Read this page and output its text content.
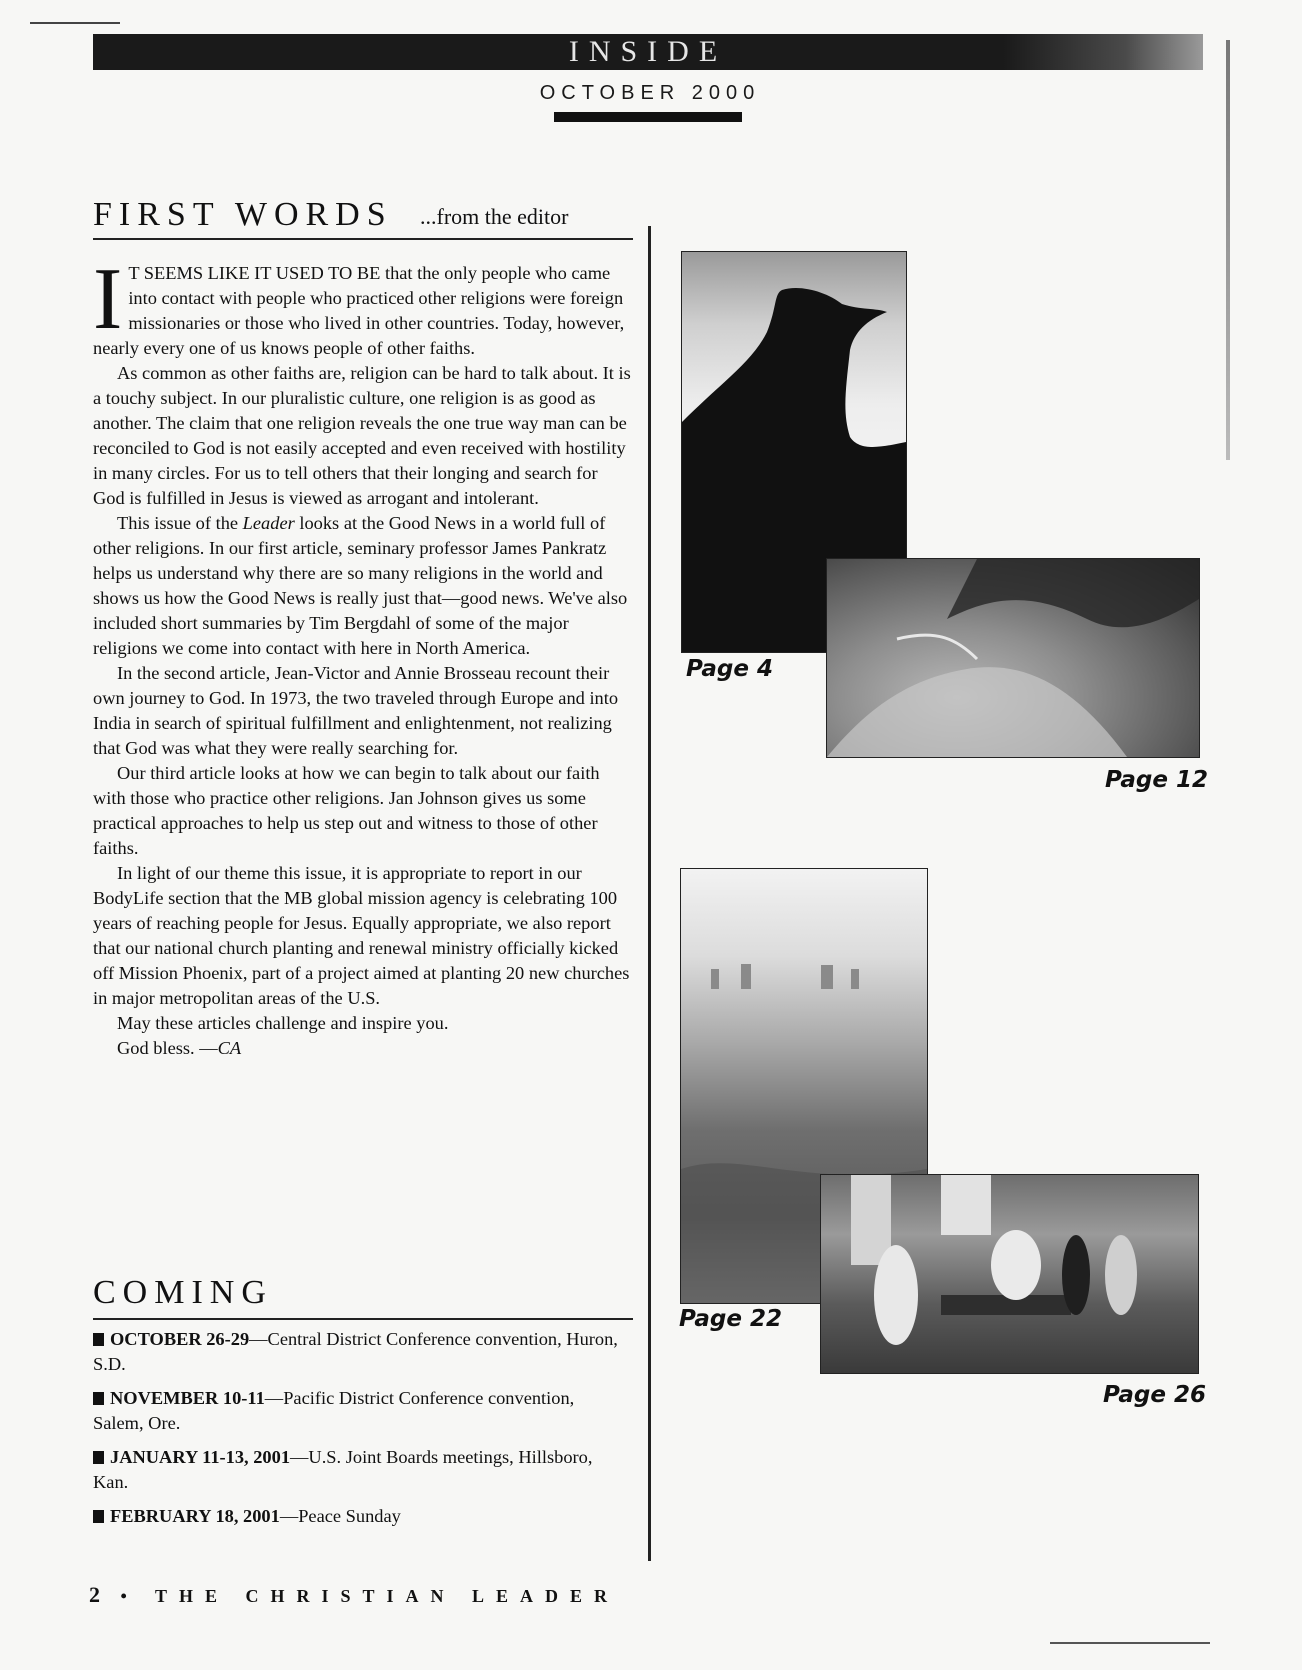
INSIDE
OCTOBER 2000
FIRST WORDS ...from the editor

IT SEEMS LIKE IT USED TO BE that the only people who came into contact with people who practiced other religions were foreign missionaries or those who lived in other countries. Today, however, nearly every one of us knows people of other faiths.

As common as other faiths are, religion can be hard to talk about. It is a touchy subject. In our pluralistic culture, one religion is as good as another. The claim that one religion reveals the one true way man can be reconciled to God is not easily accepted and even received with hostility in many circles. For us to tell others that their longing and search for God is fulfilled in Jesus is viewed as arrogant and intolerant.

This issue of the Leader looks at the Good News in a world full of other religions. In our first article, seminary professor James Pankratz helps us understand why there are so many religions in the world and shows us how the Good News is really just that—good news. We've also included short summaries by Tim Bergdahl of some of the major religions we come into contact with here in North America.

In the second article, Jean-Victor and Annie Brosseau recount their own journey to God. In 1973, the two traveled through Europe and into India in search of spiritual fulfillment and enlightenment, not realizing that God was what they were really searching for.

Our third article looks at how we can begin to talk about our faith with those who practice other religions. Jan Johnson gives us some practical approaches to help us step out and witness to those of other faiths.

In light of our theme this issue, it is appropriate to report in our BodyLife section that the MB global mission agency is celebrating 100 years of reaching people for Jesus. Equally appropriate, we also report that our national church planting and renewal ministry officially kicked off Mission Phoenix, part of a project aimed at planting 20 new churches in major metropolitan areas of the U.S.

May these articles challenge and inspire you.

God bless. —CA

COMING
OCTOBER 26-29—Central District Conference convention, Huron, S.D.
NOVEMBER 10-11—Pacific District Conference convention, Salem, Ore.
JANUARY 11-13, 2001—U.S. Joint Boards meetings, Hillsboro, Kan.
FEBRUARY 18, 2001—Peace Sunday
Page 4
Page 12
Page 22
Page 26
2 • THE CHRISTIAN LEADER
